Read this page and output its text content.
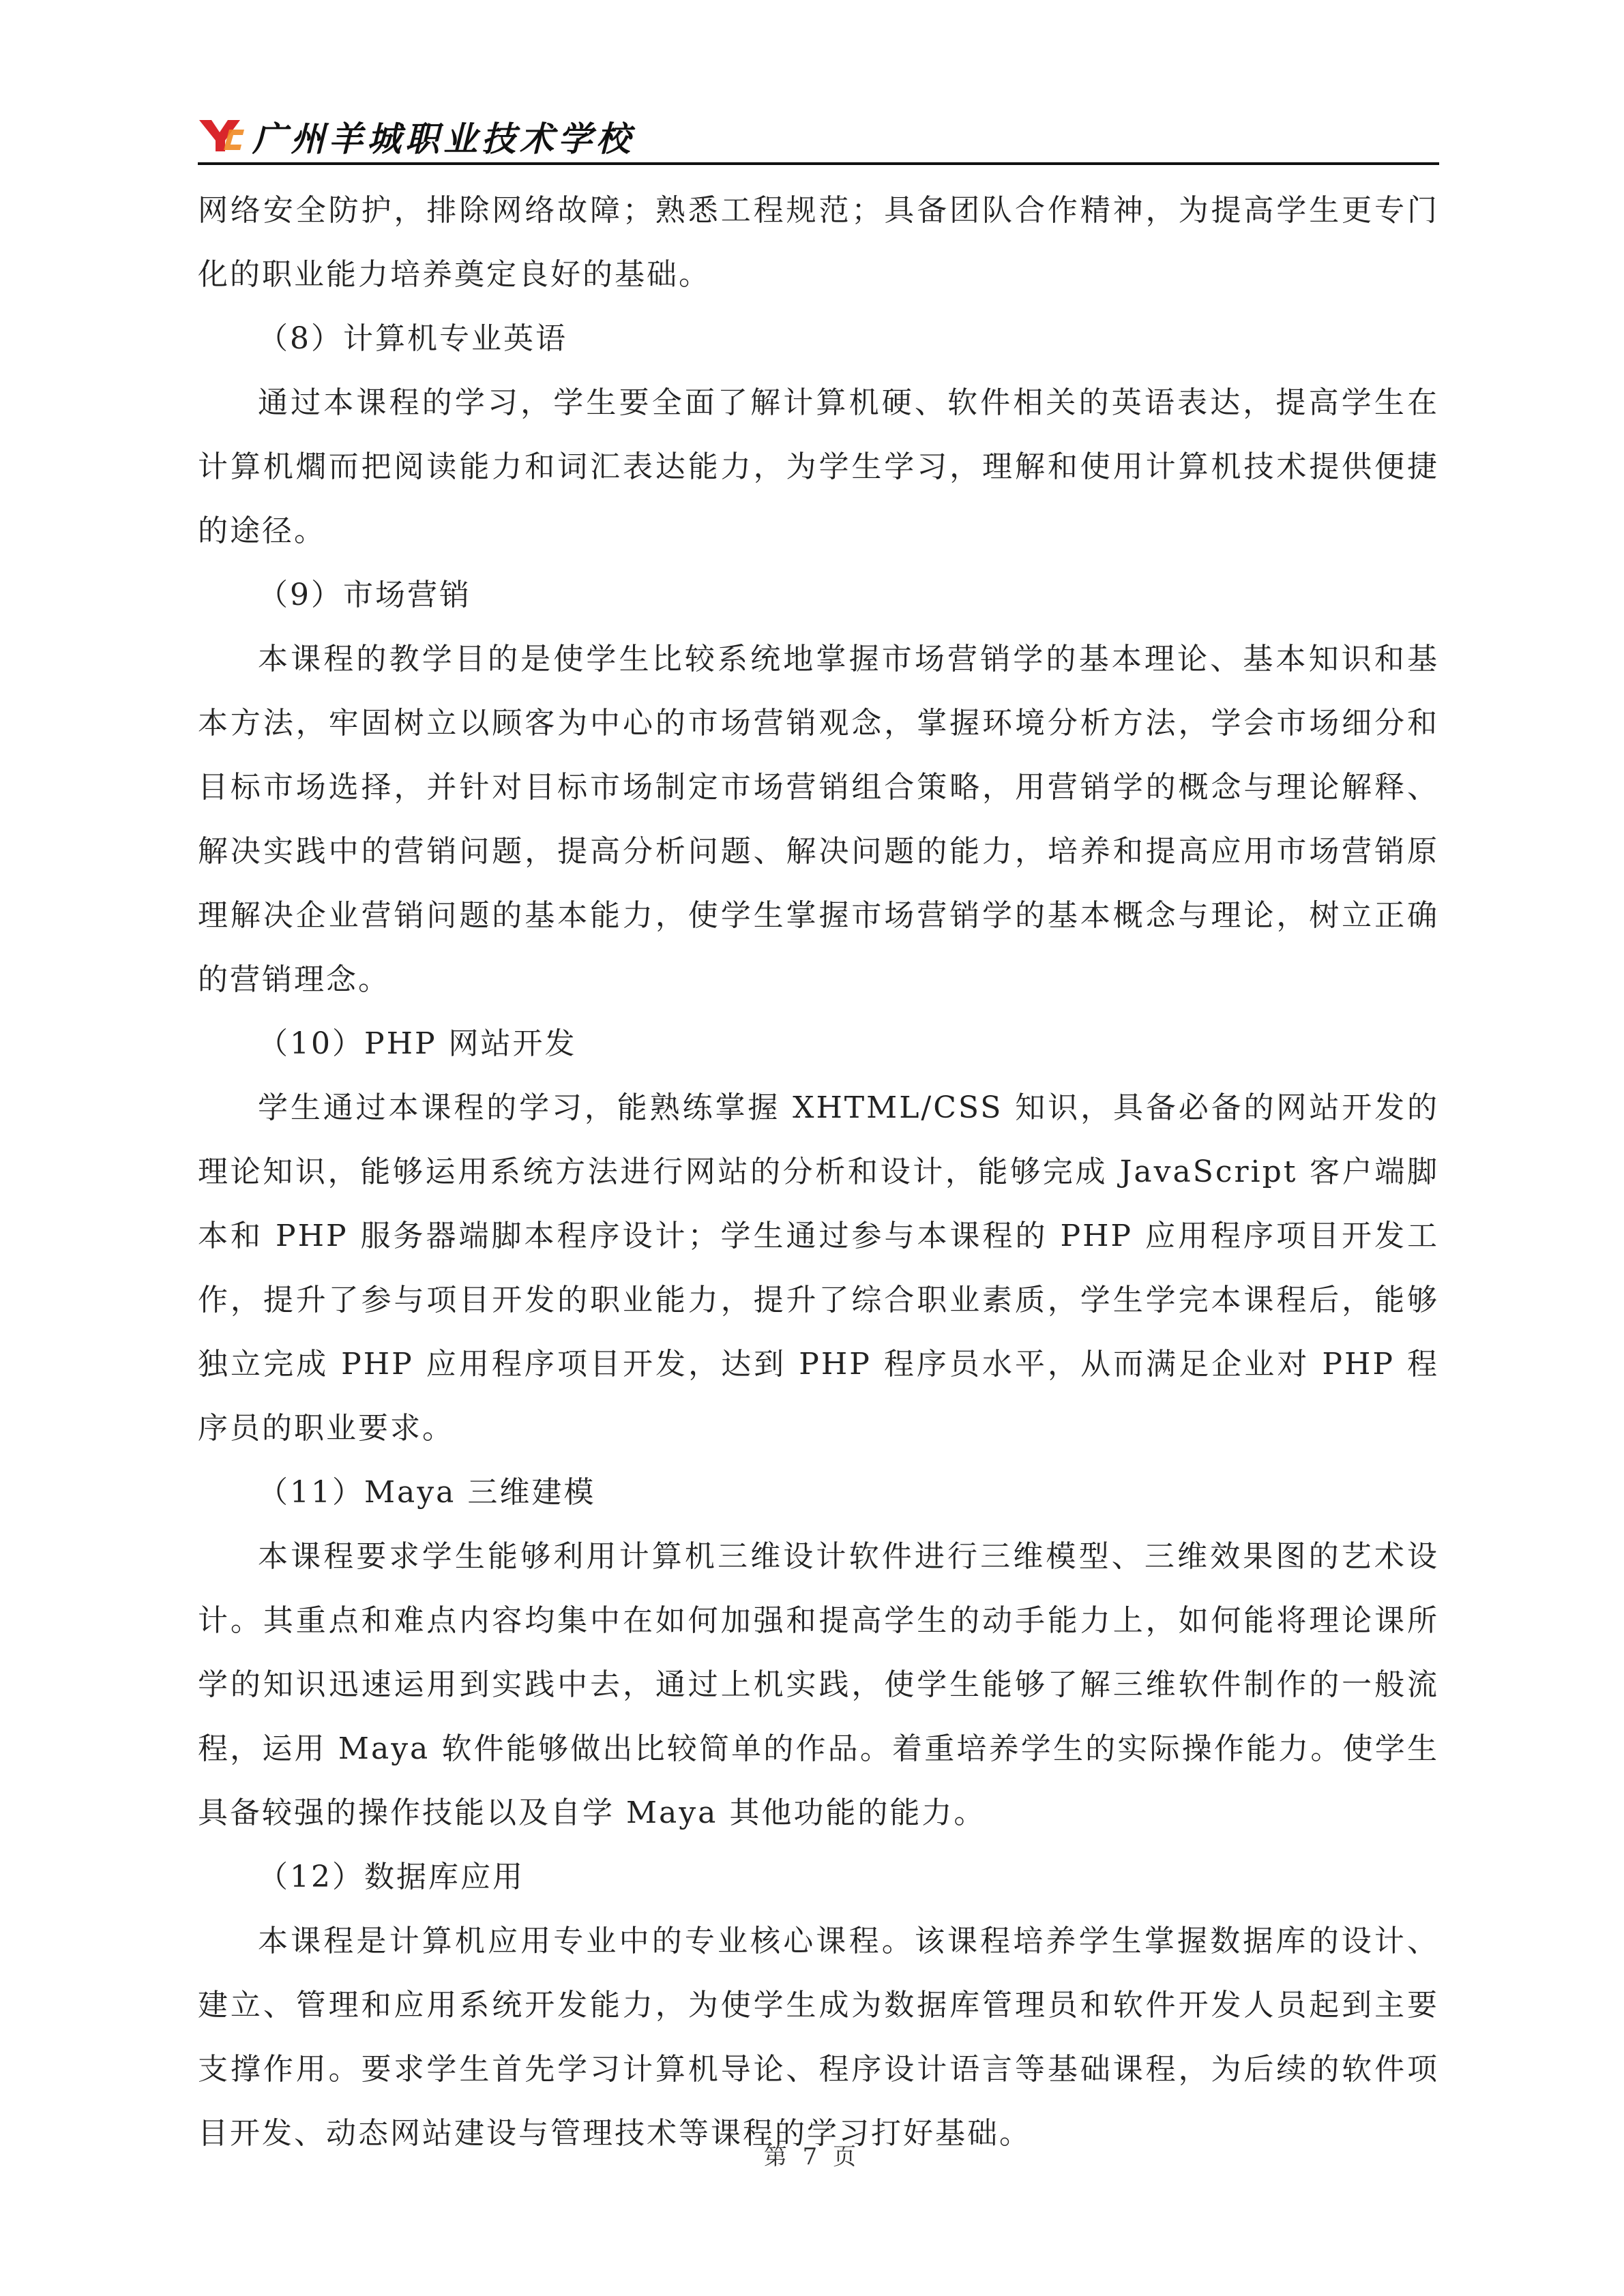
广州羊城职业技术学校

网络安全防护，排除网络故障；熟悉工程规范；具备团队合作精神，为提高学生更专门化的职业能力培养奠定良好的基础。

（8）计算机专业英语

通过本课程的学习，学生要全面了解计算机硬、软件相关的英语表达，提高学生在计算机爓而把阅读能力和词汇表达能力，为学生学习，理解和使用计算机技术提供便捷的途径。

（9）市场营销

本课程的教学目的是使学生比较系统地掌握市场营销学的基本理论、基本知识和基本方法，牢固树立以顾客为中心的市场营销观念，掌握环境分析方法，学会市场细分和目标市场选择，并针对目标市场制定市场营销组合策略，用营销学的概念与理论解释、解决实践中的营销问题，提高分析问题、解决问题的能力，培养和提高应用市场营销原理解决企业营销问题的基本能力，使学生掌握市场营销学的基本概念与理论，树立正确的营销理念。

（10）PHP 网站开发

学生通过本课程的学习，能熟练掌握 XHTML/CSS 知识，具备必备的网站开发的理论知识，能够运用系统方法进行网站的分析和设计，能够完成 JavaScript 客户端脚本和 PHP 服务器端脚本程序设计；学生通过参与本课程的 PHP 应用程序项目开发工作，提升了参与项目开发的职业能力，提升了综合职业素质，学生学完本课程后，能够独立完成 PHP 应用程序项目开发，达到 PHP 程序员水平，从而满足企业对 PHP 程序员的职业要求。

（11）Maya 三维建模

本课程要求学生能够利用计算机三维设计软件进行三维模型、三维效果图的艺术设计。其重点和难点内容均集中在如何加强和提高学生的动手能力上，如何能将理论课所学的知识迅速运用到实践中去，通过上机实践，使学生能够了解三维软件制作的一般流程，运用 Maya 软件能够做出比较简单的作品。着重培养学生的实际操作能力。使学生具备较强的操作技能以及自学 Maya 其他功能的能力。

（12）数据库应用

本课程是计算机应用专业中的专业核心课程。该课程培养学生掌握数据库的设计、建立、管理和应用系统开发能力，为使学生成为数据库管理员和软件开发人员起到主要支撑作用。要求学生首先学习计算机导论、程序设计语言等基础课程，为后续的软件项目开发、动态网站建设与管理技术等课程的学习打好基础。

第 7 页
